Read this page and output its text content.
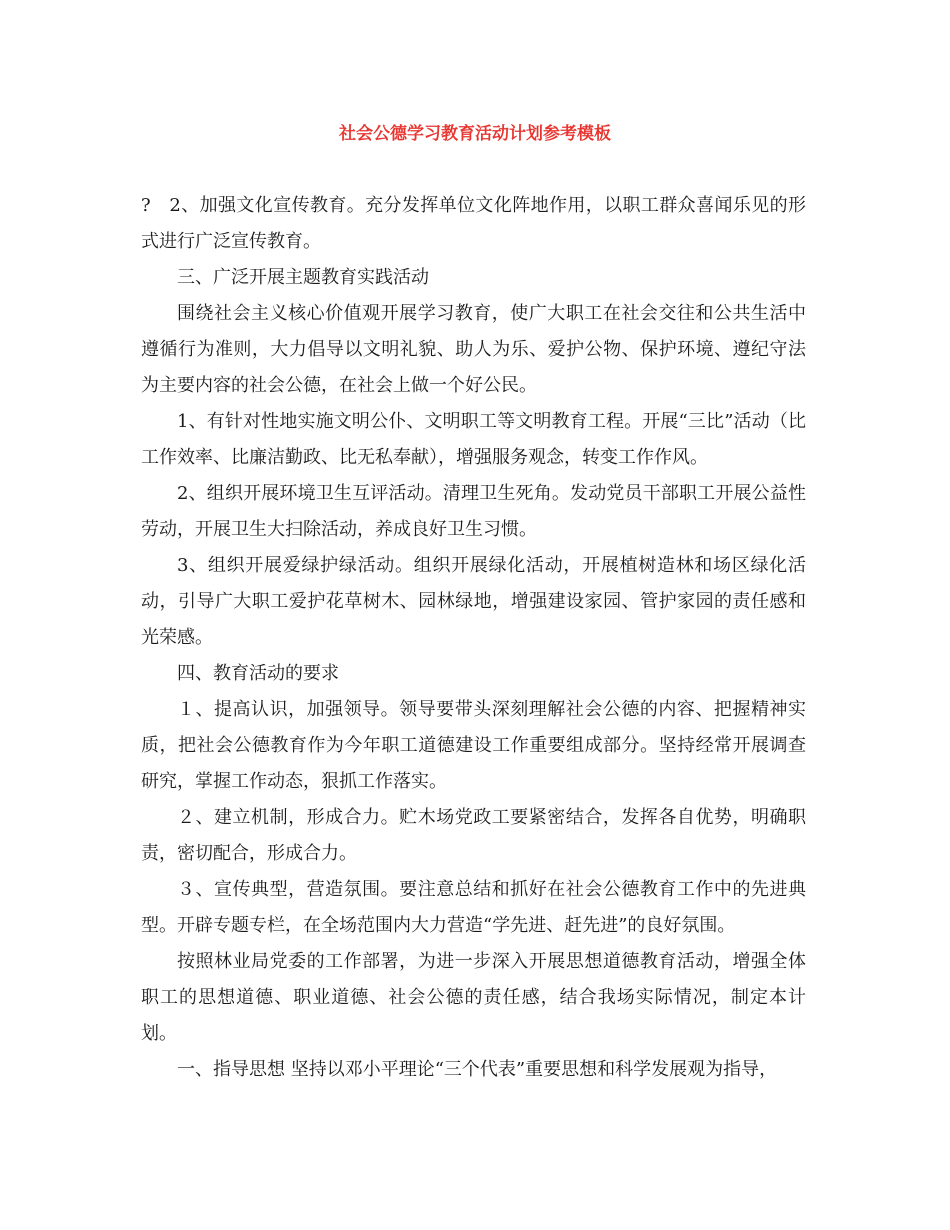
社会公德学习教育活动计划参考模板

?　2、加强文化宣传教育。充分发挥单位文化阵地作用，以职工群众喜闻乐见的形式进行广泛宣传教育。

三、广泛开展主题教育实践活动

围绕社会主义核心价值观开展学习教育，使广大职工在社会交往和公共生活中遵循行为准则，大力倡导以文明礼貌、助人为乐、爱护公物、保护环境、遵纪守法为主要内容的社会公德，在社会上做一个好公民。

1、有针对性地实施文明公仆、文明职工等文明教育工程。开展“三比”活动（比工作效率、比廉洁勤政、比无私奉献），增强服务观念，转变工作作风。

2、组织开展环境卫生互评活动。清理卫生死角。发动党员干部职工开展公益性劳动，开展卫生大扫除活动，养成良好卫生习惯。

3、组织开展爱绿护绿活动。组织开展绿化活动，开展植树造林和场区绿化活动，引导广大职工爱护花草树木、园林绿地，增强建设家园、管护家园的责任感和光荣感。

四、教育活动的要求

１、提高认识，加强领导。领导要带头深刻理解社会公德的内容、把握精神实质，把社会公德教育作为今年职工道德建设工作重要组成部分。坚持经常开展调查研究，掌握工作动态，狠抓工作落实。

２、建立机制，形成合力。贮木场党政工要紧密结合，发挥各自优势，明确职责，密切配合，形成合力。

３、宣传典型，营造氛围。要注意总结和抓好在社会公德教育工作中的先进典型。开辟专题专栏，在全场范围内大力营造“学先进、赶先进”的良好氛围。

按照林业局党委的工作部署，为进一步深入开展思想道德教育活动，增强全体职工的思想道德、职业道德、社会公德的责任感，结合我场实际情况，制定本计划。

一、指导思想 坚持以邓小平理论“三个代表”重要思想和科学发展观为指导，
